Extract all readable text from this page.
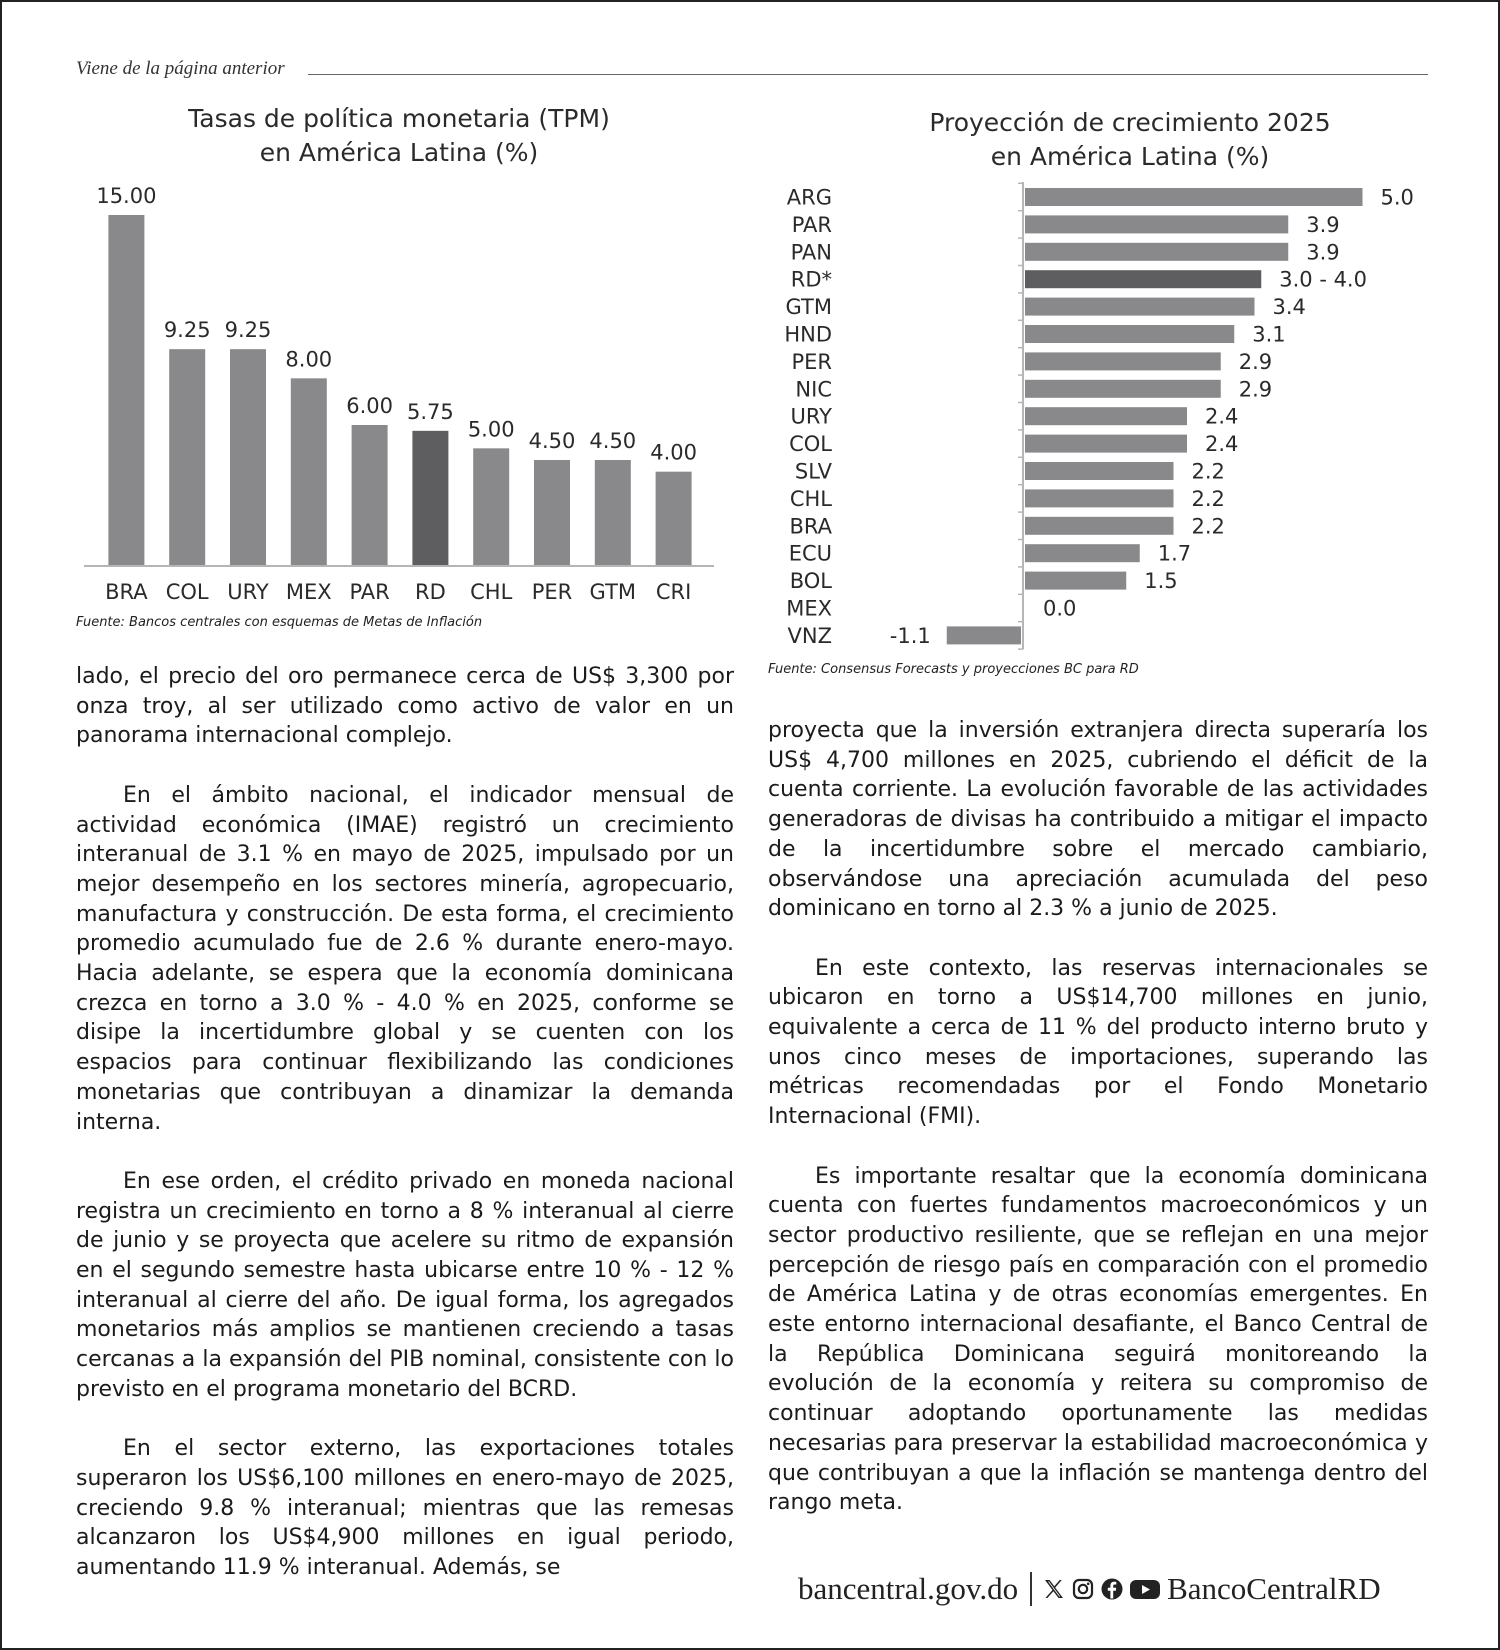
Viene de la página anterior
Tasas de política monetaria (TPM)
en América Latina (%)
15.00
BRA
9.25
COL
9.25
URY
8.00
MEX
6.00
PAR
5.75
RD
5.00
CHL
4.50
PER
4.50
GTM
4.00
CRI
Fuente: Bancos centrales con esquemas de Metas de Inflación
Proyección de crecimiento 2025
en América Latina (%)
ARG	5.0
PAR	3.9
PAN	3.9
RD*	3.0 - 4.0
GTM	3.4
HND	3.1
PER	2.9
NIC	2.9
URY	2.4
COL	2.4
SLV	2.2
CHL	2.2
BRA	2.2
ECU	1.7
BOL	1.5
MEX	0.0
VNZ	-1.1
Fuente: Consensus Forecasts y proyecciones BC para RD

lado, el precio del oro permanece cerca de US$ 3,300 por onza troy, al ser utilizado como activo de valor en un panorama internacional complejo.

En el ámbito nacional, el indicador mensual de actividad económica (IMAE) registró un crecimiento interanual de 3.1 % en mayo de 2025, impulsado por un mejor desempeño en los sectores minería, agropecuario, manufactura y construcción. De esta forma, el crecimiento promedio acumulado fue de 2.6 % durante enero-mayo. Hacia adelante, se espera que la economía dominicana crezca en torno a 3.0 % - 4.0 % en 2025, conforme se disipe la incertidumbre global y se cuenten con los espacios para continuar flexibilizando las condiciones monetarias que contribuyan a dinamizar la demanda interna.

En ese orden, el crédito privado en moneda nacional registra un crecimiento en torno a 8 % interanual al cierre de junio y se proyecta que acelere su ritmo de expansión en el segundo semestre hasta ubicarse entre 10 % - 12 % interanual al cierre del año. De igual forma, los agregados monetarios más amplios se mantienen creciendo a tasas cercanas a la expansión del PIB nominal, consistente con lo previsto en el programa monetario del BCRD.

En el sector externo, las exportaciones totales superaron los US$6,100 millones en enero-mayo de 2025, creciendo 9.8 % interanual; mientras que las remesas alcanzaron los US$4,900 millones en igual periodo, aumentando 11.9 % interanual. Además, se

proyecta que la inversión extranjera directa superaría los US$ 4,700 millones en 2025, cubriendo el déficit de la cuenta corriente. La evolución favorable de las actividades generadoras de divisas ha contribuido a mitigar el impacto de la incertidumbre sobre el mercado cambiario, observándose una apreciación acumulada del peso dominicano en torno al 2.3 % a junio de 2025.

En este contexto, las reservas internacionales se ubicaron en torno a US$14,700 millones en junio, equivalente a cerca de 11 % del producto interno bruto y unos cinco meses de importaciones, superando las métricas recomendadas por el Fondo Monetario Internacional (FMI).

Es importante resaltar que la economía dominicana cuenta con fuertes fundamentos macroeconómicos y un sector productivo resiliente, que se reflejan en una mejor percepción de riesgo país en comparación con el promedio de América Latina y de otras economías emergentes. En este entorno internacional desafiante, el Banco Central de la República Dominicana seguirá monitoreando la evolución de la economía y reitera su compromiso de continuar adoptando oportunamente las medidas necesarias para preservar la estabilidad macroeconómica y que contribuyan a que la inflación se mantenga dentro del rango meta.

bancentral.gov.do	BancoCentralRD
